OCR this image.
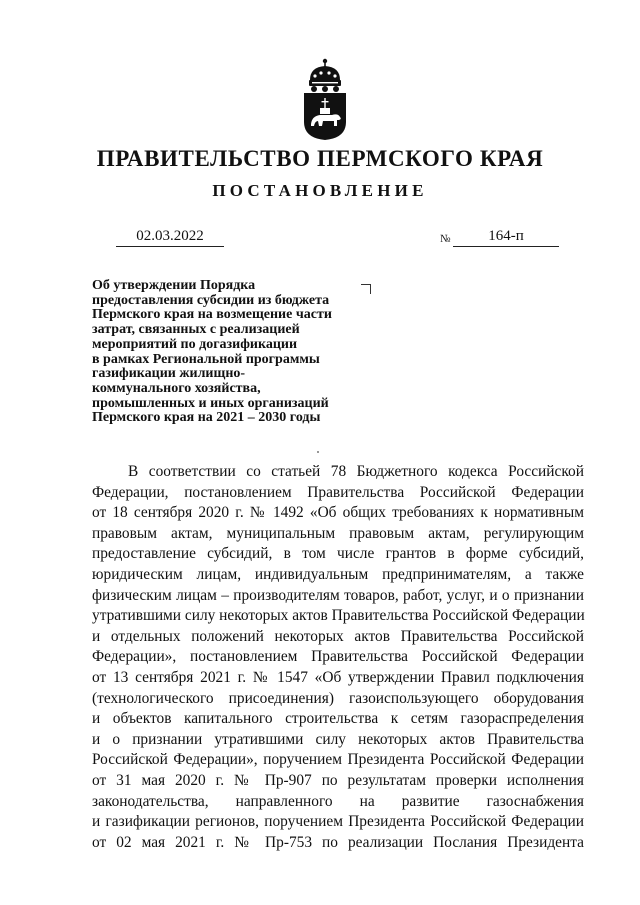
ПРАВИТЕЛЬСТВО ПЕРМСКОГО КРАЯ
ПОСТАНОВЛЕНИЕ
02.03.2022	№	164-п
Об утверждении Порядка
предоставления субсидии из бюджета
Пермского края на возмещение части
затрат, связанных с реализацией
мероприятий по догазификации
в рамках Региональной программы
газификации жилищно-
коммунального хозяйства,
промышленных и иных организаций
Пермского края на 2021 – 2030 годы
В соответствии со статьей 78 Бюджетного кодекса Российской
Федерации, постановлением Правительства Российской Федерации
от 18 сентября 2020 г. № 1492 «Об общих требованиях к нормативным
правовым актам, муниципальным правовым актам, регулирующим
предоставление субсидий, в том числе грантов в форме субсидий,
юридическим лицам, индивидуальным предпринимателям, а также
физическим лицам – производителям товаров, работ, услуг, и о признании
утратившими силу некоторых актов Правительства Российской Федерации
и отдельных положений некоторых актов Правительства Российской
Федерации», постановлением Правительства Российской Федерации
от 13 сентября 2021 г. № 1547 «Об утверждении Правил подключения
(технологического присоединения) газоиспользующего оборудования
и объектов капитального строительства к сетям газораспределения
и о признании утратившими силу некоторых актов Правительства
Российской Федерации», поручением Президента Российской Федерации
от 31 мая 2020 г. № Пр-907 по результатам проверки исполнения
законодательства, направленного на развитие газоснабжения
и газификации регионов, поручением Президента Российской Федерации
от 02 мая 2021 г. № Пр-753 по реализации Послания Президента
